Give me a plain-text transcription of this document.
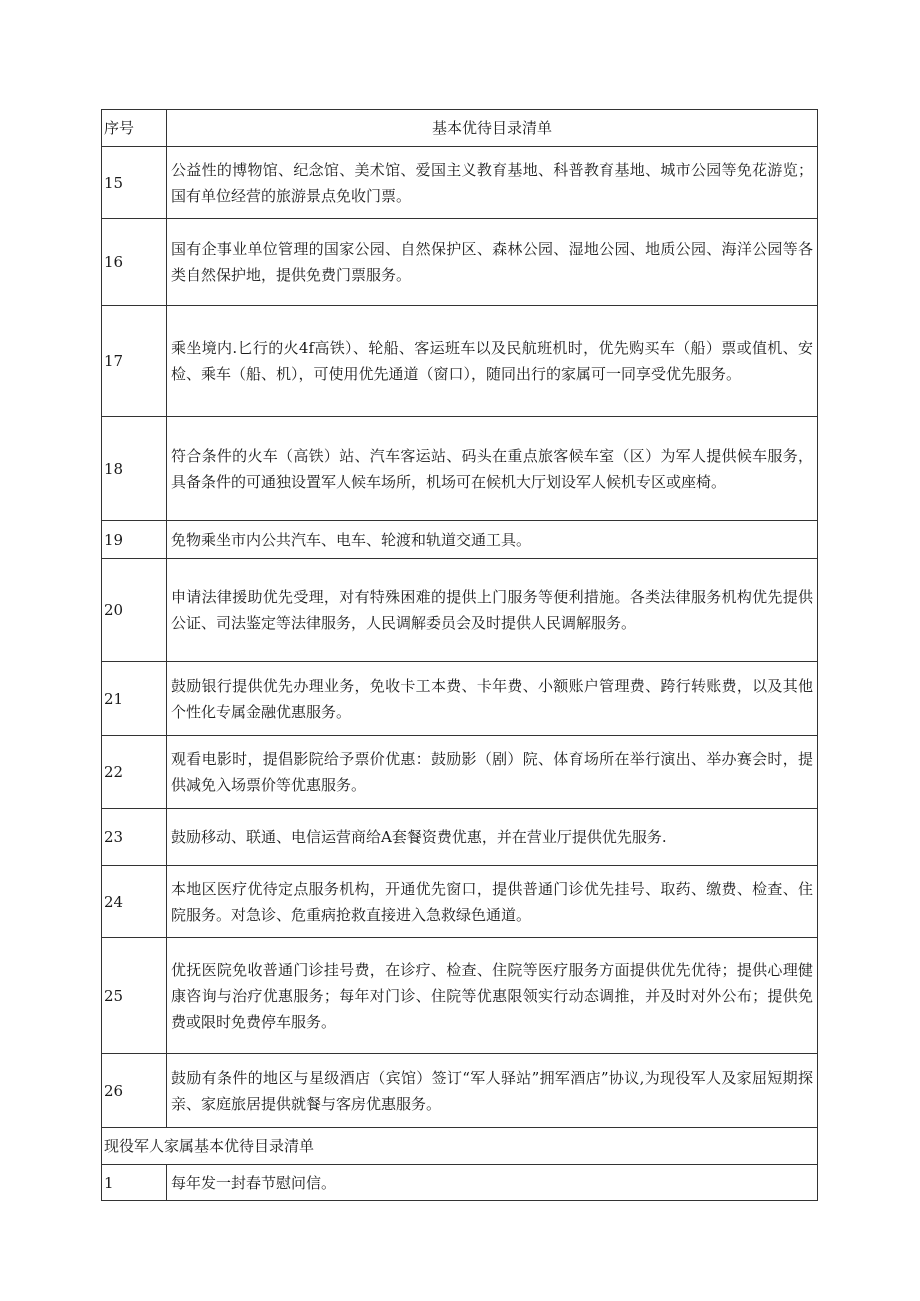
序号	基本优待目录清单
15	公益性的博物馆、纪念馆、美术馆、爱国主义教育基地、科普教育基地、城市公园等免花游览；国有单位经营的旅游景点免收门票。
16	国有企事业单位管理的国家公园、自然保护区、森林公园、湿地公园、地质公园、海洋公园等各类自然保护地，提供免费门票服务。
17	乘坐境内.匕行的火4f高铁）、轮船、客运班车以及民航班机时，优先购买车（船）票或值机、安检、乘车（船、机），可使用优先通道（窗口），随同出行的家属可一同享受优先服务。
18	符合条件的火车（高铁）站、汽车客运站、码头在重点旅客候车室（区）为军人提供候车服务，具备条件的可通独设置军人候车场所，机场可在候机大厅划设军人候机专区或座椅。
19	免物乘坐市内公共汽车、电车、轮渡和轨道交通工具。
20	申请法律援助优先受理，对有特殊困难的提供上门服务等便利措施。各类法律服务机构优先提供公证、司法鉴定等法律服务，人民调解委员会及时提供人民调解服务。
21	鼓励银行提供优先办理业务，免收卡工本费、卡年费、小额账户管理费、跨行转账费，以及其他个性化专属金融优惠服务。
22	观看电影时，提倡影院给予票价优惠：鼓励影（剧）院、体育场所在举行演出、举办赛会时，提供减免入场票价等优惠服务。
23	鼓励移动、联通、电信运营商给A套餐资费优惠，并在营业厅提供优先服务.
24	本地区医疗优待定点服务机构，开通优先窗口，提供普通门诊优先挂号、取药、缴费、检查、住院服务。对急诊、危重病抢救直接进入急救绿色通道。
25	优抚医院免收普通门诊挂号费，在诊疗、检查、住院等医疗服务方面提供优先优待；提供心理健康咨询与治疗优惠服务；每年对门诊、住院等优惠限领实行动态调推，并及时对外公布；提供免费或限时免费停车服务。
26	鼓励有条件的地区与星级酒店（宾馆）签订“军人驿站”拥军酒店”协议,为现役军人及家屈短期探亲、家庭旅居提供就餐与客房优惠服务。
现役军人家属基本优待目录清单	
1	每年发一封春节慰问信。
